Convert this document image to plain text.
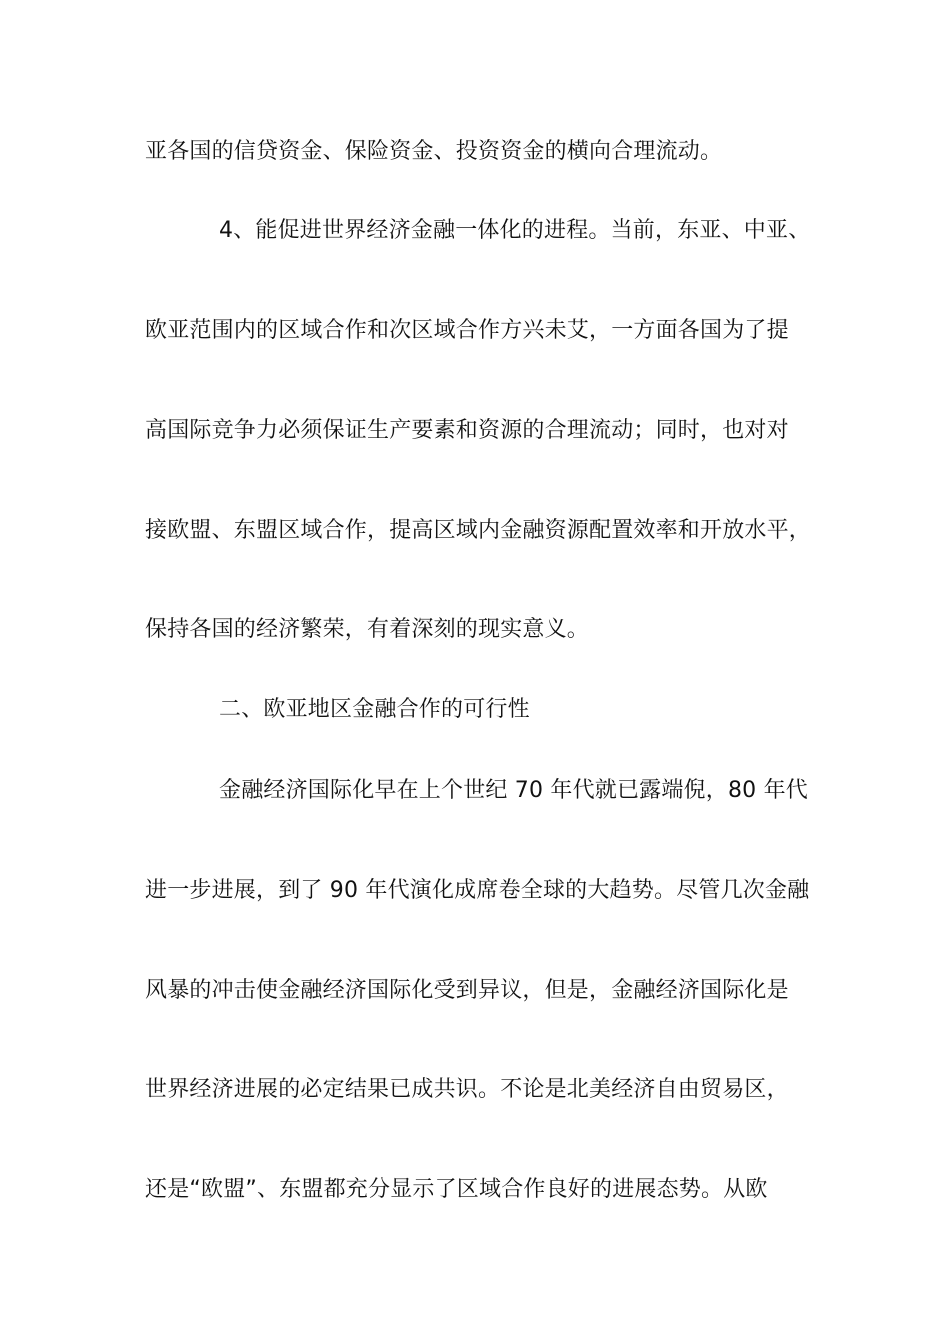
亚各国的信贷资金、保险资金、投资资金的横向合理流动。
4、能促进世界经济金融一体化的进程。当前，东亚、中亚、
欧亚范围内的区域合作和次区域合作方兴未艾，一方面各国为了提
高国际竞争力必须保证生产要素和资源的合理流动；同时，也对对
接欧盟、东盟区域合作，提高区域内金融资源配置效率和开放水平，
保持各国的经济繁荣，有着深刻的现实意义。
二、欧亚地区金融合作的可行性
金融经济国际化早在上个世纪 70 年代就已露端倪，80 年代
进一步进展，到了 90 年代演化成席卷全球的大趋势。尽管几次金融
风暴的冲击使金融经济国际化受到异议，但是，金融经济国际化是
世界经济进展的必定结果已成共识。不论是北美经济自由贸易区，
还是“欧盟”、东盟都充分显示了区域合作良好的进展态势。从欧
